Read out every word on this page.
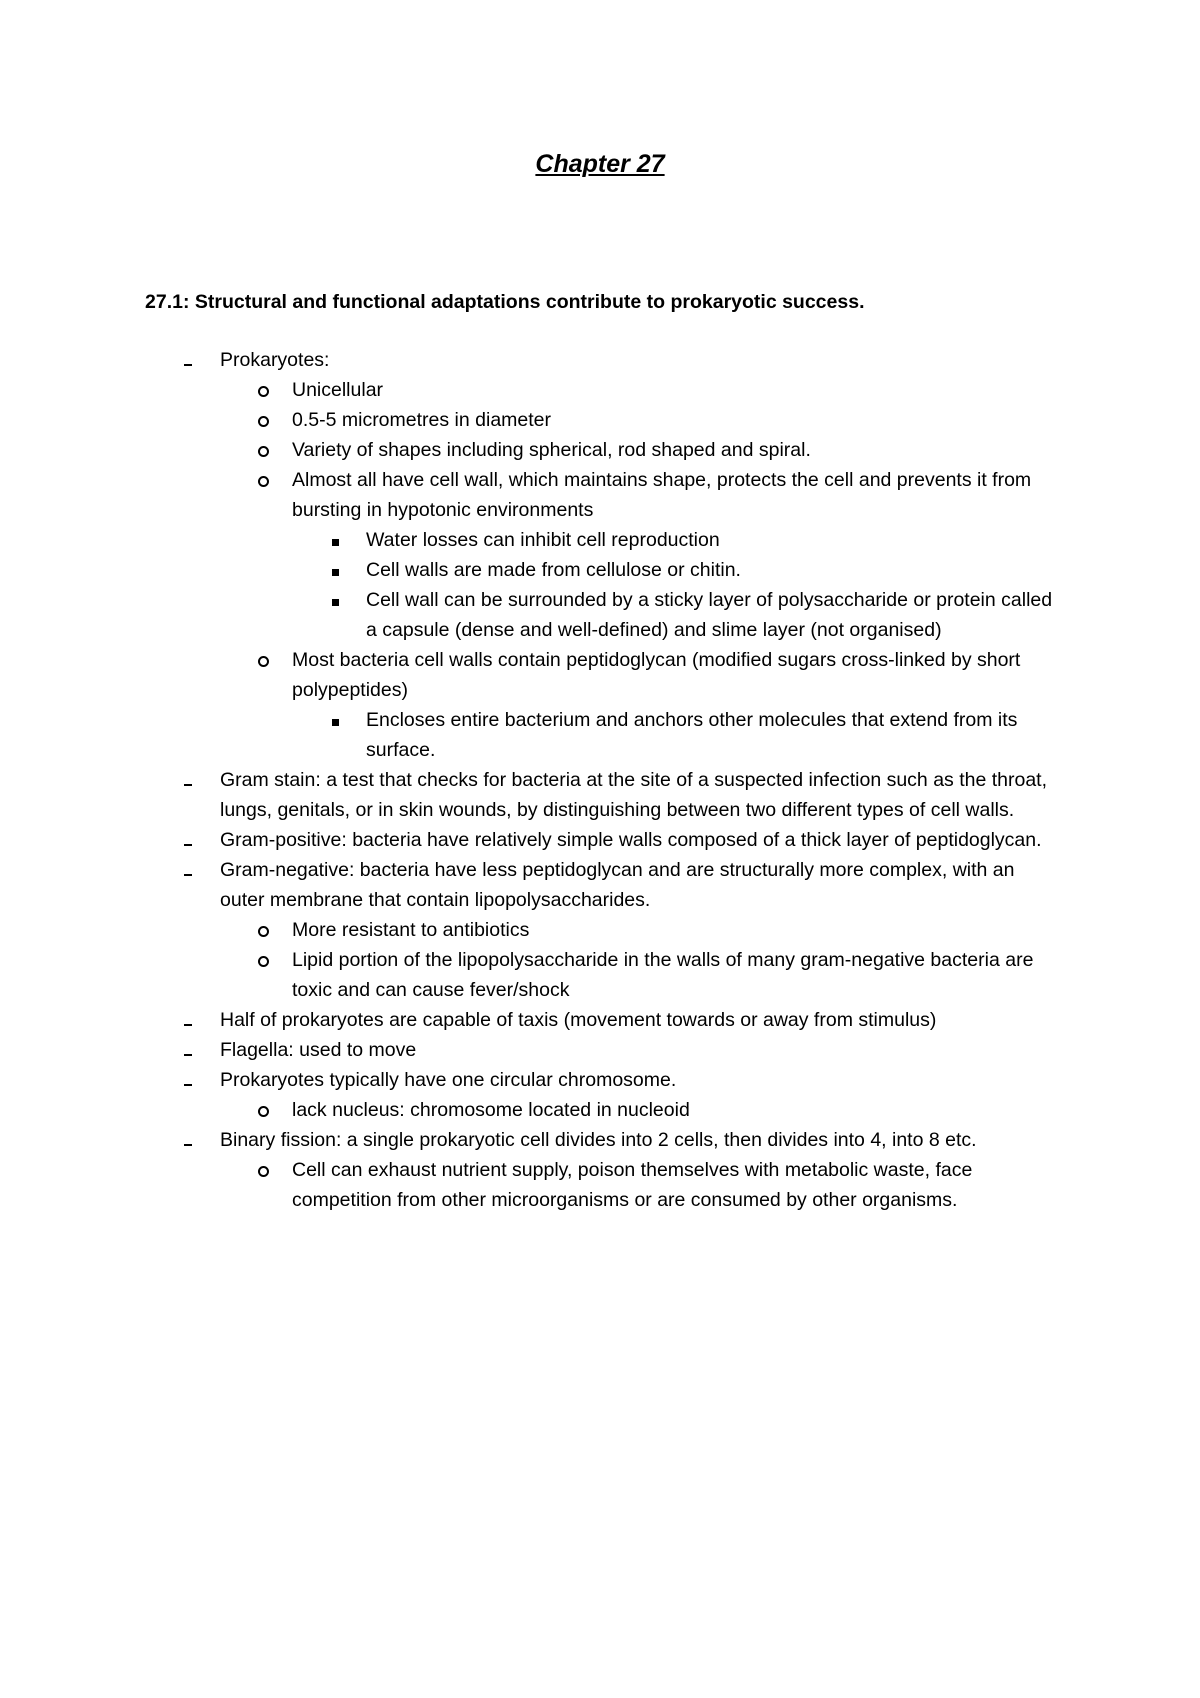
Chapter 27
27.1: Structural and functional adaptations contribute to prokaryotic success.
Prokaryotes:
Unicellular
0.5-5 micrometres in diameter
Variety of shapes including spherical, rod shaped and spiral.
Almost all have cell wall, which maintains shape, protects the cell and prevents it from bursting in hypotonic environments
Water losses can inhibit cell reproduction
Cell walls are made from cellulose or chitin.
Cell wall can be surrounded by a sticky layer of polysaccharide or protein called a capsule (dense and well-defined) and slime layer (not organised)
Most bacteria cell walls contain peptidoglycan (modified sugars cross-linked by short polypeptides)
Encloses entire bacterium and anchors other molecules that extend from its surface.
Gram stain: a test that checks for bacteria at the site of a suspected infection such as the throat, lungs, genitals, or in skin wounds, by distinguishing between two different types of cell walls.
Gram-positive: bacteria have relatively simple walls composed of a thick layer of peptidoglycan.
Gram-negative: bacteria have less peptidoglycan and are structurally more complex, with an outer membrane that contain lipopolysaccharides.
More resistant to antibiotics
Lipid portion of the lipopolysaccharide in the walls of many gram-negative bacteria are toxic and can cause fever/shock
Half of prokaryotes are capable of taxis (movement towards or away from stimulus)
Flagella: used to move
Prokaryotes typically have one circular chromosome.
lack nucleus: chromosome located in nucleoid
Binary fission: a single prokaryotic cell divides into 2 cells, then divides into 4, into 8 etc.
Cell can exhaust nutrient supply, poison themselves with metabolic waste, face competition from other microorganisms or are consumed by other organisms.
